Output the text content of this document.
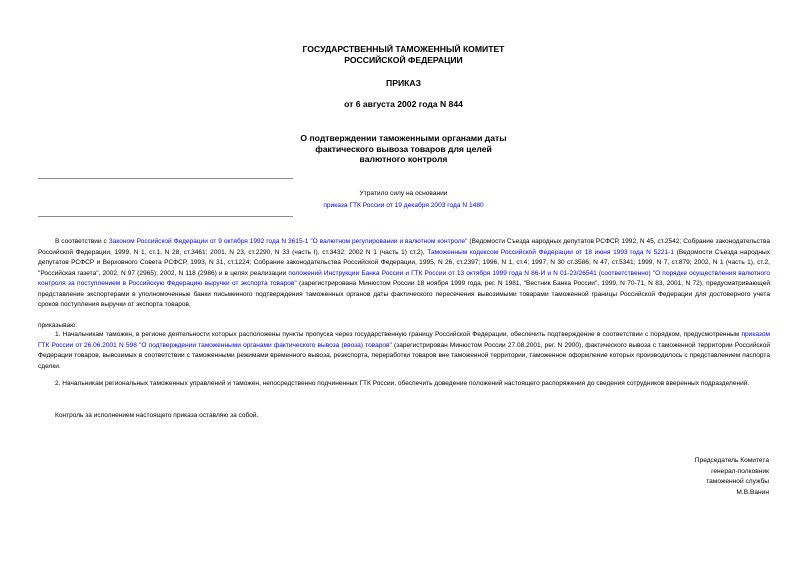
ГОСУДАРСТВЕННЫЙ ТАМОЖЕННЫЙ КОМИТЕТ
РОССИЙСКОЙ ФЕДЕРАЦИИ
ПРИКАЗ
от 6 августа 2002 года N 844
О подтверждении таможенными органами даты
фактического вывоза товаров для целей
валютного контроля
Утратило силу на основании
приказа ГТК России от 19 декабря 2003 года N 1480
В соответствии с Законом Российской Федерации от 9 октября 1992 года N 3615-1 "О валютном регулировании и валютном контроле" (Ведомости Съезда народных депутатов РСФСР, 1992, N 45, ст.2542; Собрание законодательства Российской Федерации, 1999, N 1, ст.1, N 28, ст.3461; 2001, N 23, ст.2290, N 33 (часть I), ст.3432; 2002 N 1 (часть 1) ст.2), Таможенным кодексом Российской Федерации от 18 июня 1993 года N 5221-1 (Ведомости Съезда народных депутатов РСФСР и Верховного Совета РСФСР, 1993, N 31, ст.1224; Собрание законодательства Российской Федерации, 1995, N 26, ст.2397; 1996, N 1, ст.4; 1997, N 30 ст.3586; N 47, ст.5341; 1999, N 7, ст.879; 2002, N 1 (часть 1), ст.2, "Российская газета", 2002, N 97 (2965); 2002, N 118 (2986) и в целях реализации положений Инструкции Банка России и ГТК России от 13 октября 1999 года N 86-И и N 01-23/26541 (соответственно) "О порядке осуществления валютного контроля за поступлением в Российскую Федерацию выручки от экспорта товаров" (зарегистрирована Минюстом России 18 ноября 1999 года, рег. N 1981, "Вестник Банка России", 1999, N 70-71, N 83, 2001, N 72), предусматривающей представление экспортерами в уполномоченные банки письменного подтверждения таможенных органов даты фактического пересечения вывозимыми товарами таможенной границы Российской Федерации для достоверного учета сроков поступления выручки от экспорта товаров,
приказываю:
1. Начальникам таможен, в регионе деятельности которых расположены пункты пропуска через государственную границу Российской Федерации, обеспечить подтверждение в соответствии с порядком, предусмотренным приказом ГТК России от 26.06.2001 N 598 "О подтверждении таможенными органами фактического вывоза (ввоза) товаров" (зарегистрирован Минюстом России 27.08.2001, рег. N 2900), фактического вывоза с таможенной территории Российской Федерации товаров, вывозимых в соответствии с таможенными режимами временного вывоза, реэкспорта, переработки товаров вне таможенной территории, таможенное оформление которых производилось с представлением паспорта сделки.
2. Начальникам региональных таможенных управлений и таможен, непосредственно подчиненных ГТК России, обеспечить доведение положений настоящего распоряжения до сведения сотрудников вверенных подразделений.
Контроль за исполнением настоящего приказа оставляю за собой.
Председатель Комитета
генерал-полковник
таможенной службы
М.В.Ванин
